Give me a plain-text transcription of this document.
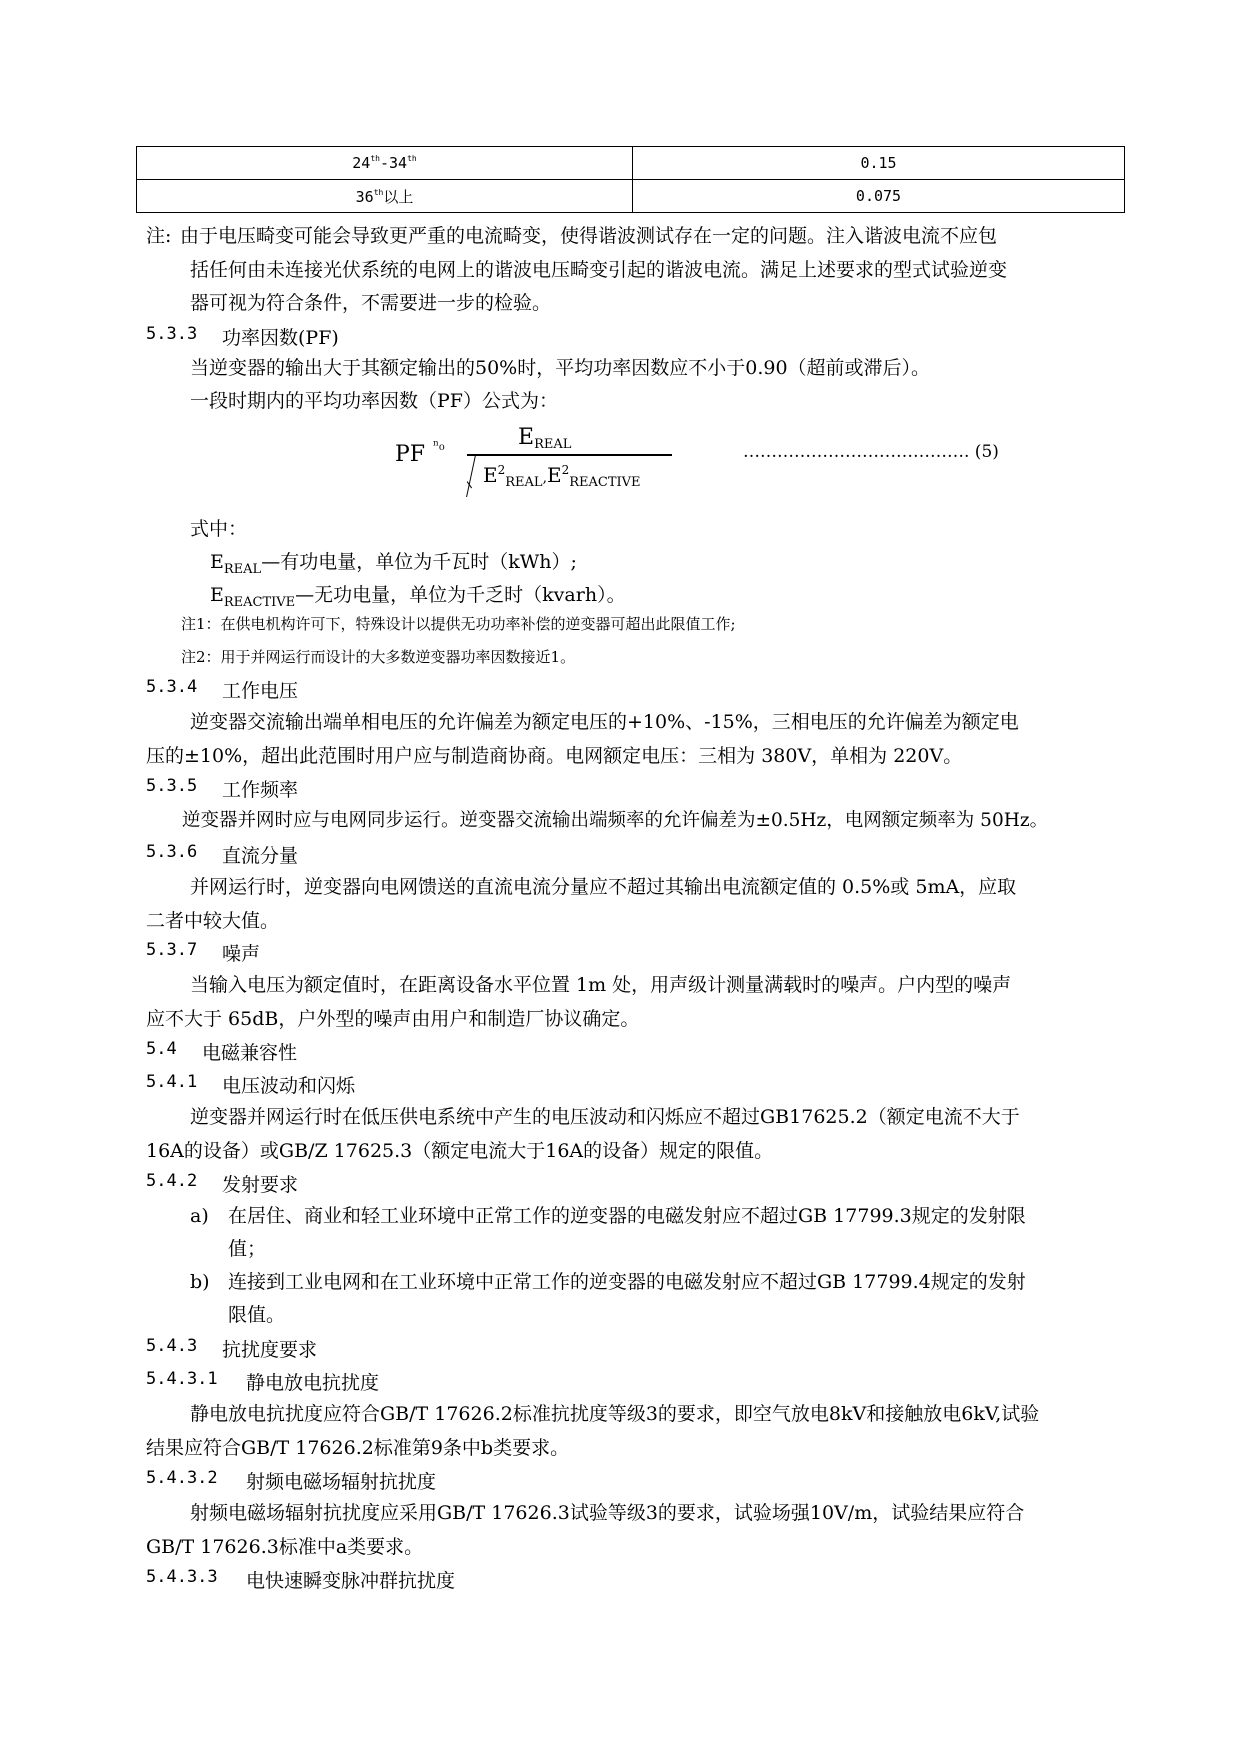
24th-34th	0.15
36th以上	0.075
注: 由于电压畸变可能会导致更严重的电流畸变，使得谐波测试存在一定的问题。注入谐波电流不应包
括任何由未连接光伏系统的电网上的谐波电压畸变引起的谐波电流。满足上述要求的型式试验逆变
器可视为符合条件，不需要进一步的检验。
5.3.3 功率因数(PF)
当逆变器的输出大于其额定输出的50%时，平均功率因数应不小于0.90（超前或滞后）。
一段时期内的平均功率因数（PF）公式为：
PF ⁿ₀	$E_{REAL}$
$E^2_{REAL}$, $E^2_{REACTIVE}$
…………………………………. (5)
式中：
$E_{REAL}—$有功电量，单位为千瓦时（kWh）;
$E_{REACTIVE}—$无功电量，单位为千乏时（kvarh）。
注1：在供电机构许可下，特殊设计以提供无功功率补偿的逆变器可超出此限值工作;
注2：用于并网运行而设计的大多数逆变器功率因数接近1。
5.3.4 工作电压
逆变器交流输出端单相电压的允许偏差为额定电压的+10%、-15%，三相电压的允许偏差为额定电
压的±10%，超出此范围时用户应与制造商协商。电网额定电压：三相为 380V，单相为 220V。
5.3.5 工作频率
逆变器并网时应与电网同步运行。逆变器交流输出端频率的允许偏差为±0.5Hz，电网额定频率为 50Hz。
5.3.6 直流分量
并网运行时，逆变器向电网馈送的直流电流分量应不超过其输出电流额定值的 0.5%或 5mA，应取
二者中较大值。
5.3.7 噪声
当输入电压为额定值时，在距离设备水平位置 1m 处，用声级计测量满载时的噪声。户内型的噪声
应不大于 65dB，户外型的噪声由用户和制造厂协议确定。
5.4 电磁兼容性
5.4.1 电压波动和闪烁
逆变器并网运行时在低压供电系统中产生的电压波动和闪烁应不超过GB17625.2（额定电流不大于
16A的设备）或GB/Z 17625.3（额定电流大于16A的设备）规定的限值。
5.4.2 发射要求
a) 在居住、商业和轻工业环境中正常工作的逆变器的电磁发射应不超过GB 17799.3规定的发射限
值；
b) 连接到工业电网和在工业环境中正常工作的逆变器的电磁发射应不超过GB 17799.4规定的发射
限值。
5.4.3 抗扰度要求
5.4.3.1 静电放电抗扰度
静电放电抗扰度应符合GB/T 17626.2标准抗扰度等级3的要求，即空气放电8kV和接触放电6kV,试验
结果应符合GB/T 17626.2标准第9条中b类要求。
5.4.3.2 射频电磁场辐射抗扰度
射频电磁场辐射抗扰度应采用GB/T 17626.3试验等级3的要求，试验场强10V/m，试验结果应符合
GB/T 17626.3标准中a类要求。
5.4.3.3 电快速瞬变脉冲群抗扰度
